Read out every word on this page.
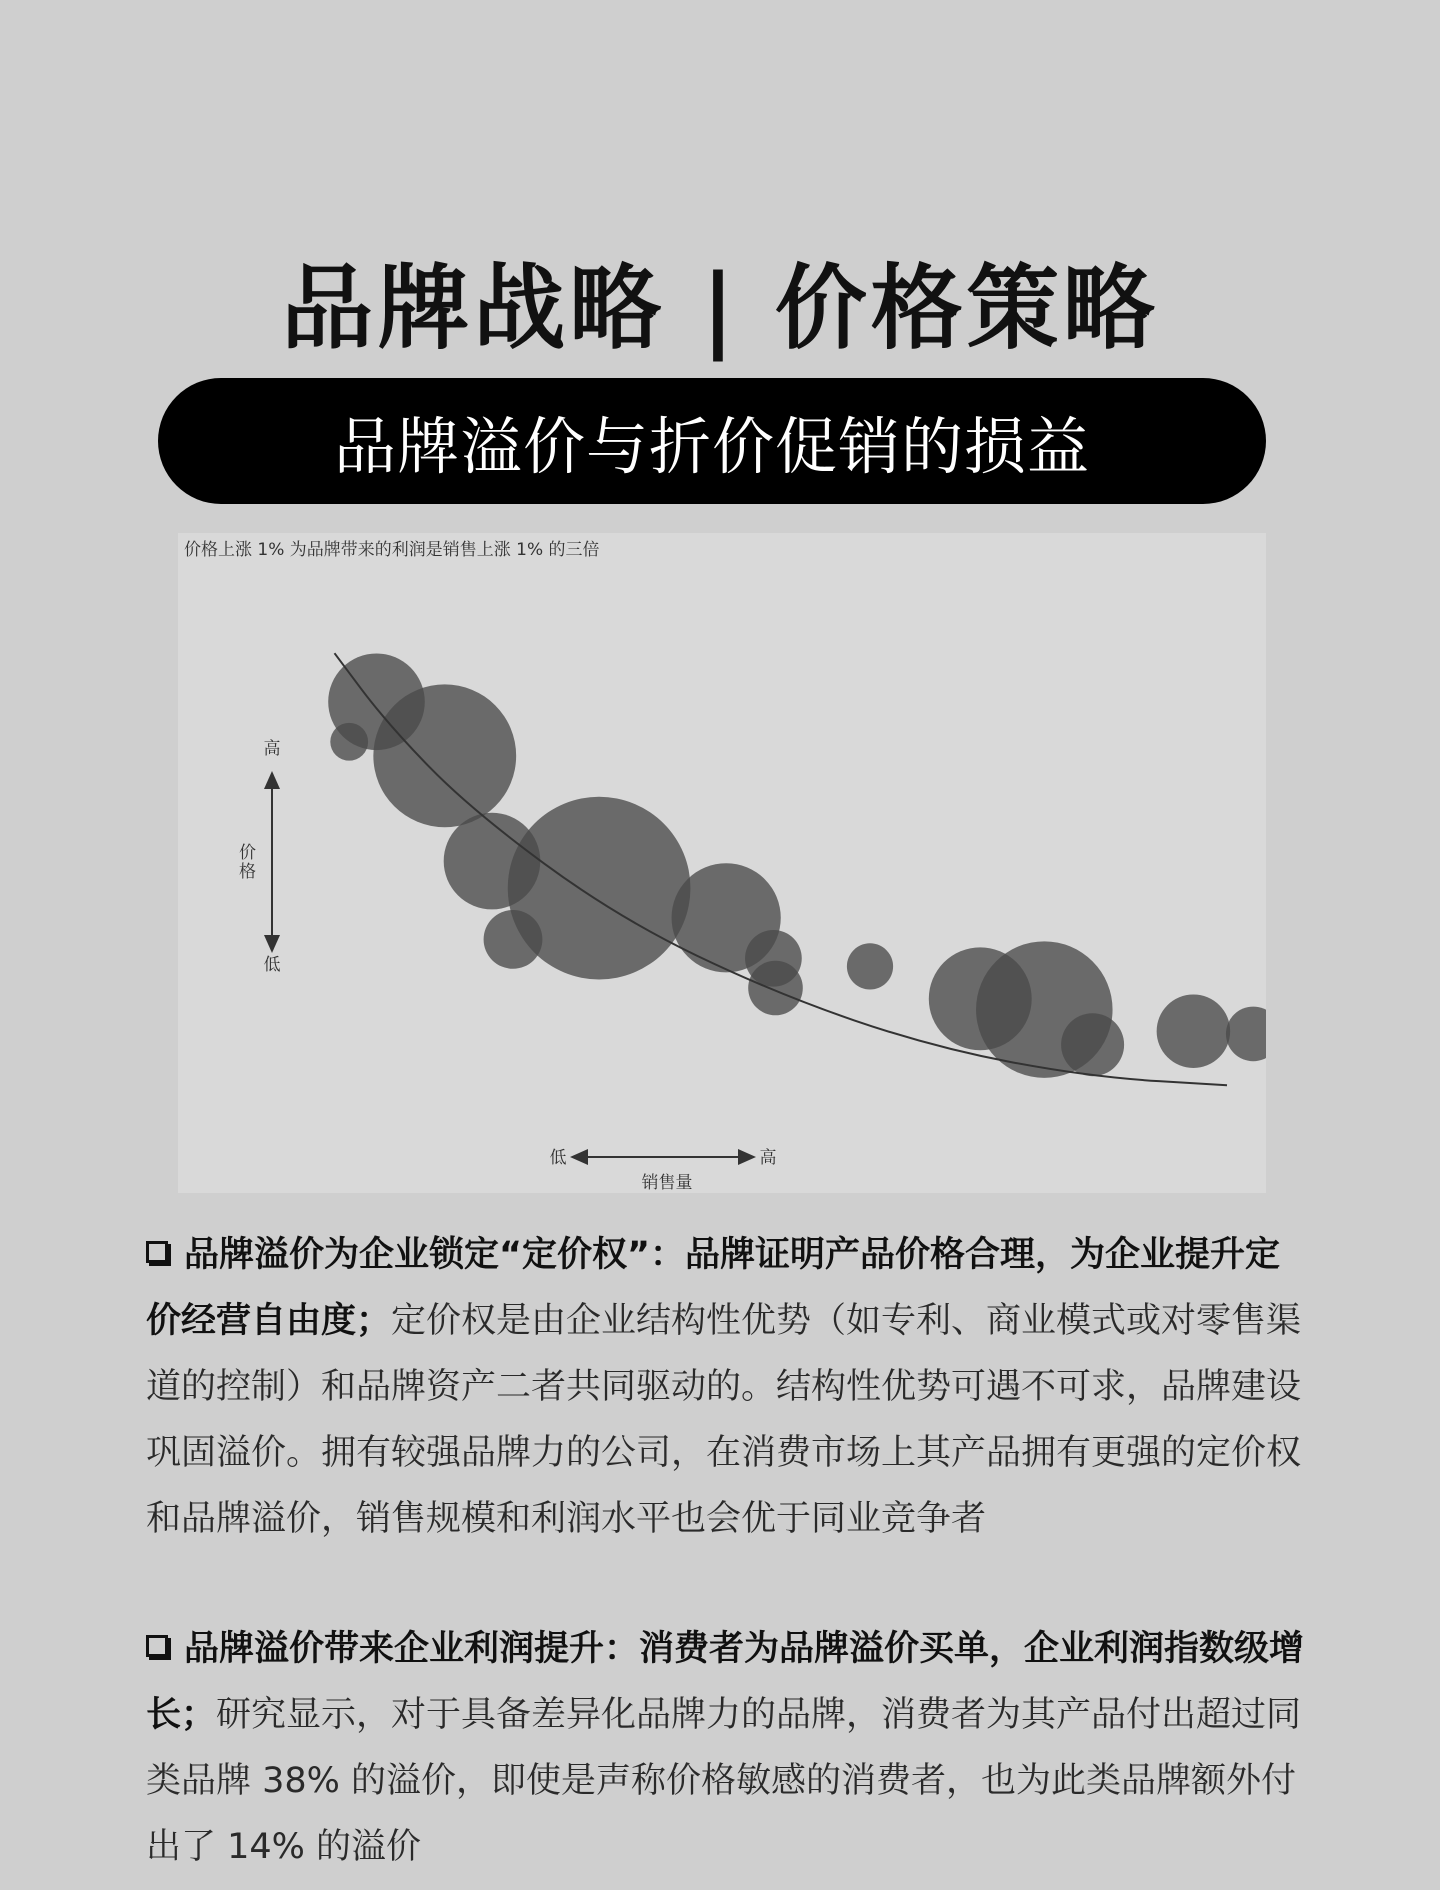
品牌战略 | 价格策略
品牌溢价与折价促销的损益
价格上涨 1% 为品牌带来的利润是销售上涨 1% 的三倍
高
价格
低
低	高
销售量
品牌溢价为企业锁定“定价权”：品牌证明产品价格合理，为企业提升定价经营自由度；定价权是由企业结构性优势（如专利、商业模式或对零售渠道的控制）和品牌资产二者共同驱动的。结构性优势可遇不可求，品牌建设巩固溢价。拥有较强品牌力的公司，在消费市场上其产品拥有更强的定价权和品牌溢价，销售规模和利润水平也会优于同业竞争者
品牌溢价带来企业利润提升：消费者为品牌溢价买单，企业利润指数级增长；研究显示，对于具备差异化品牌力的品牌，消费者为其产品付出超过同类品牌 38% 的溢价，即使是声称价格敏感的消费者，也为此类品牌额外付出了 14% 的溢价
